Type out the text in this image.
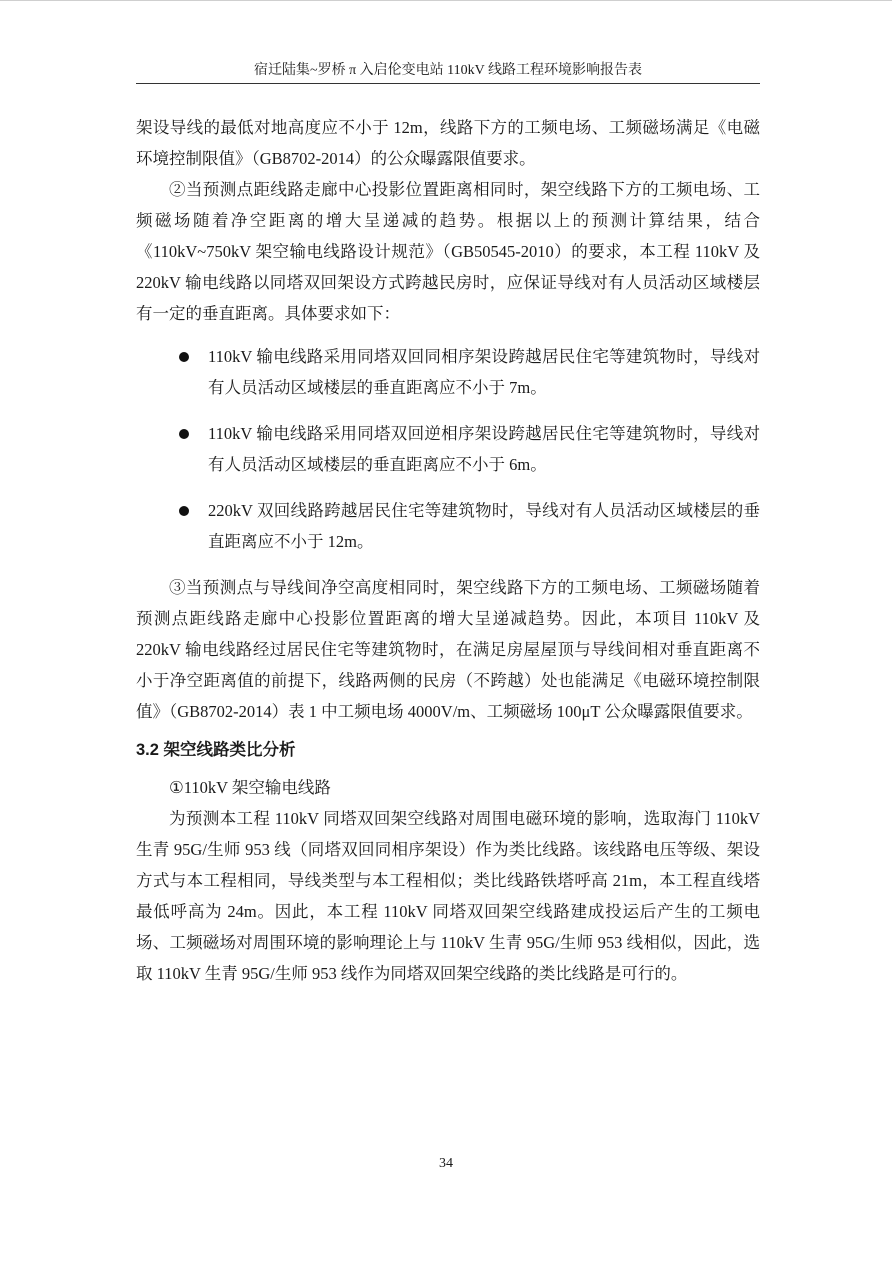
宿迁陆集~罗桥 π 入启伦变电站 110kV 线路工程环境影响报告表

架设导线的最低对地高度应不小于 12m，线路下方的工频电场、工频磁场满足《电磁环境控制限值》（GB8702-2014）的公众曝露限值要求。

②当预测点距线路走廊中心投影位置距离相同时，架空线路下方的工频电场、工频磁场随着净空距离的增大呈递减的趋势。根据以上的预测计算结果，结合《110kV~750kV 架空输电线路设计规范》（GB50545-2010）的要求，本工程 110kV 及 220kV 输电线路以同塔双回架设方式跨越民房时，应保证导线对有人员活动区域楼层有一定的垂直距离。具体要求如下：

110kV 输电线路采用同塔双回同相序架设跨越居民住宅等建筑物时，导线对有人员活动区域楼层的垂直距离应不小于 7m。
110kV 输电线路采用同塔双回逆相序架设跨越居民住宅等建筑物时，导线对有人员活动区域楼层的垂直距离应不小于 6m。
220kV 双回线路跨越居民住宅等建筑物时，导线对有人员活动区域楼层的垂直距离应不小于 12m。

③当预测点与导线间净空高度相同时，架空线路下方的工频电场、工频磁场随着预测点距线路走廊中心投影位置距离的增大呈递减趋势。因此，本项目 110kV 及 220kV 输电线路经过居民住宅等建筑物时，在满足房屋屋顶与导线间相对垂直距离不小于净空距离值的前提下，线路两侧的民房（不跨越）处也能满足《电磁环境控制限值》（GB8702-2014）表 1 中工频电场 4000V/m、工频磁场 100μT 公众曝露限值要求。

3.2 架空线路类比分析

①110kV 架空输电线路

为预测本工程 110kV 同塔双回架空线路对周围电磁环境的影响，选取海门 110kV 生青 95G/生师 953 线（同塔双回同相序架设）作为类比线路。该线路电压等级、架设方式与本工程相同，导线类型与本工程相似；类比线路铁塔呼高 21m，本工程直线塔最低呼高为 24m。因此，本工程 110kV 同塔双回架空线路建成投运后产生的工频电场、工频磁场对周围环境的影响理论上与 110kV 生青 95G/生师 953 线相似，因此，选取 110kV 生青 95G/生师 953 线作为同塔双回架空线路的类比线路是可行的。

34
